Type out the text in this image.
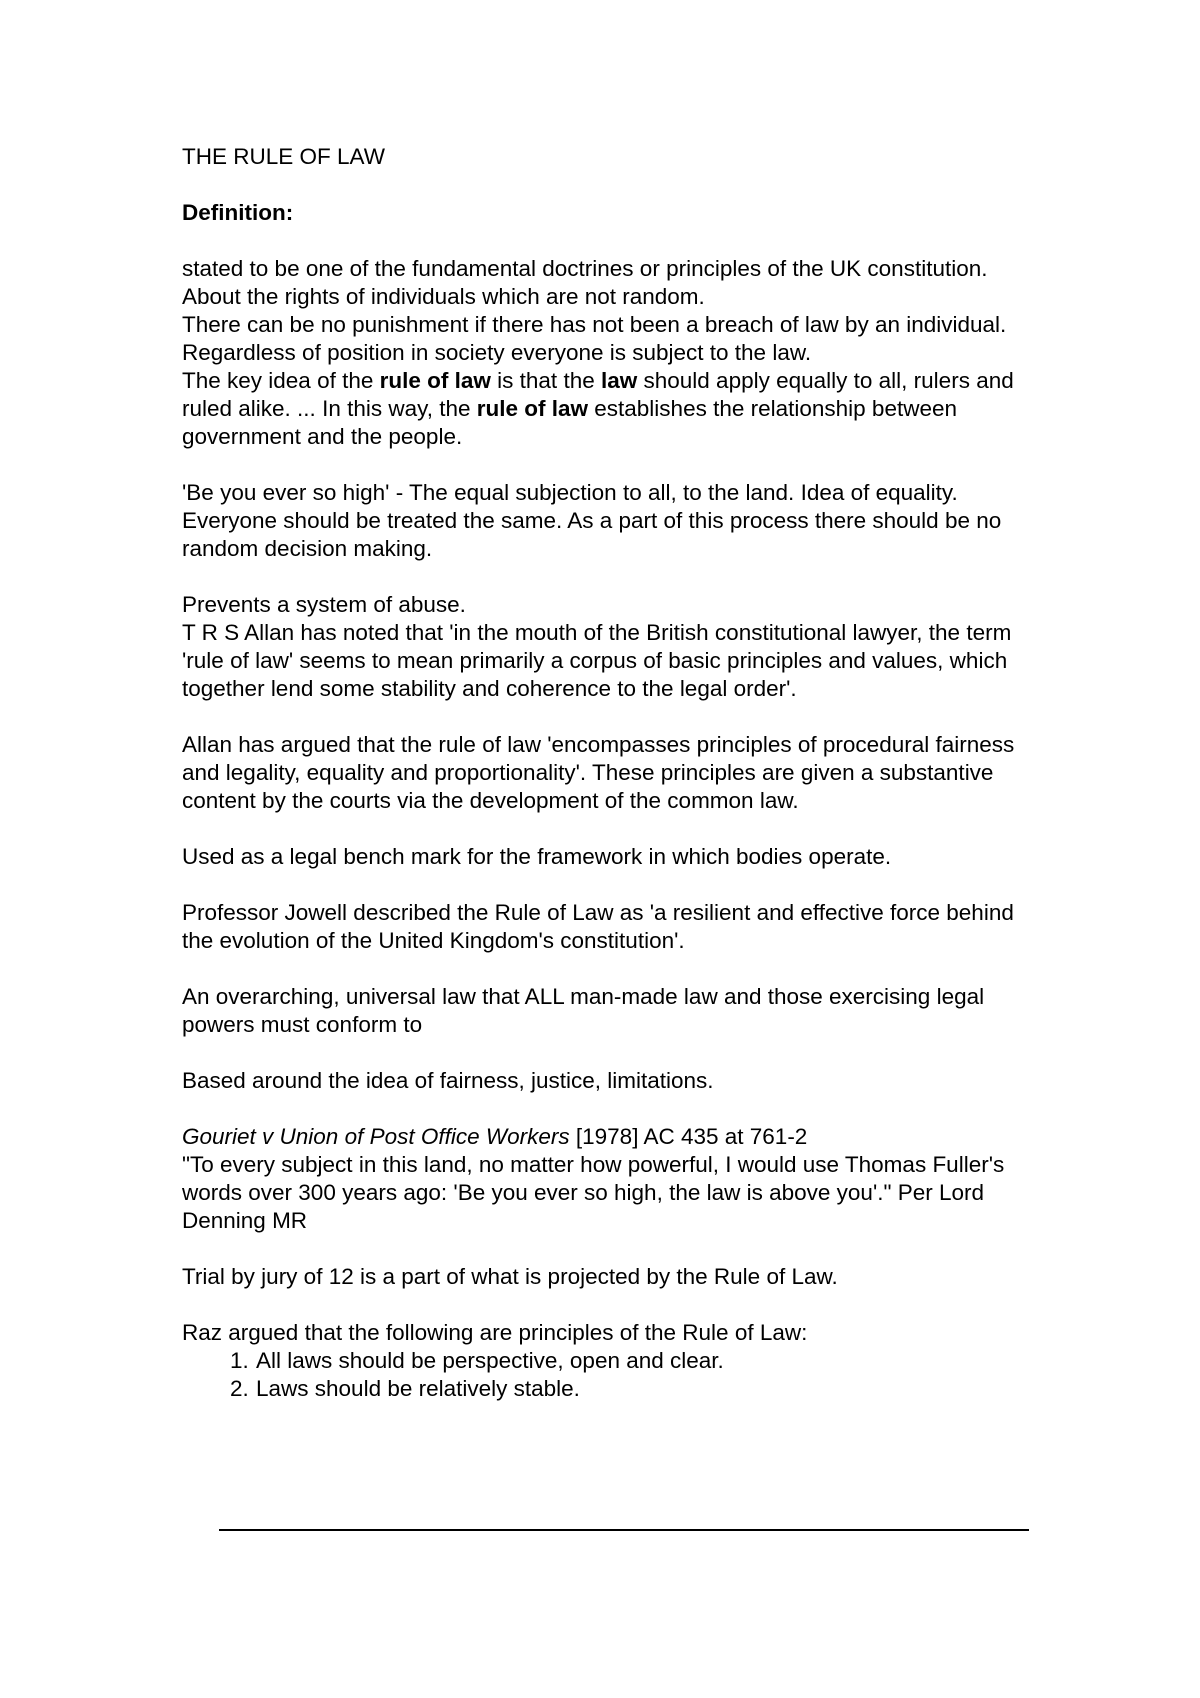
THE RULE OF LAW

Definition:

stated to be one of the fundamental doctrines or principles of the UK constitution.

About the rights of individuals which are not random.

There can be no punishment if there has not been a breach of law by an individual.

Regardless of position in society everyone is subject to the law.

The key idea of the rule of law is that the law should apply equally to all, rulers and ruled alike. ... In this way, the rule of law establishes the relationship between government and the people.

'Be you ever so high' - The equal subjection to all, to the land. Idea of equality. Everyone should be treated the same. As a part of this process there should be no random decision making.

Prevents a system of abuse.

T R S Allan has noted that 'in the mouth of the British constitutional lawyer, the term 'rule of law' seems to mean primarily a corpus of basic principles and values, which together lend some stability and coherence to the legal order'.

Allan has argued that the rule of law 'encompasses principles of procedural fairness and legality, equality and proportionality'. These principles are given a substantive content by the courts via the development of the common law.

Used as a legal bench mark for the framework in which bodies operate.

Professor Jowell described the Rule of Law as 'a resilient and effective force behind the evolution of the United Kingdom's constitution'.

An overarching, universal law that ALL man-made law and those exercising legal powers must conform to

Based around the idea of fairness, justice, limitations.

Gouriet v Union of Post Office Workers [1978] AC 435 at 761-2

"To every subject in this land, no matter how powerful, I would use Thomas Fuller's words over 300 years ago: 'Be you ever so high, the law is above you'." Per Lord Denning MR

Trial by jury of 12 is a part of what is projected by the Rule of Law.

Raz argued that the following are principles of the Rule of Law:

1. All laws should be perspective, open and clear.
2. Laws should be relatively stable.
